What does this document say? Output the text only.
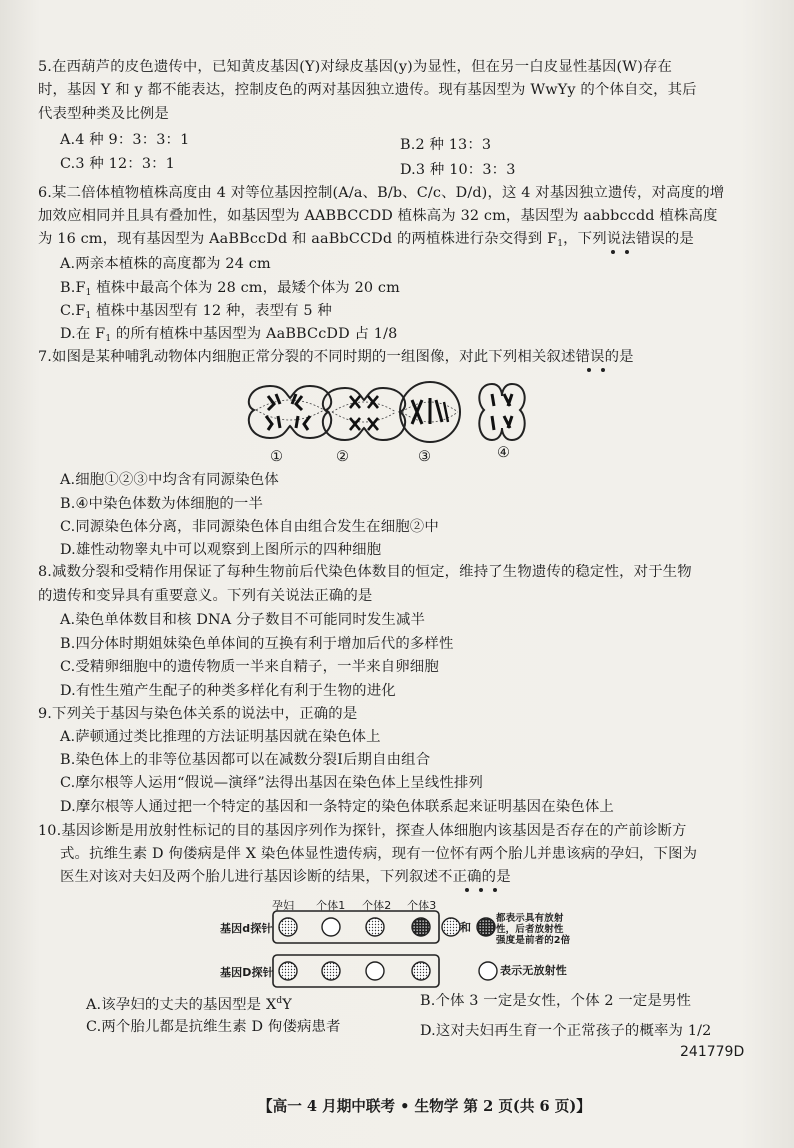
5.在西葫芦的皮色遗传中，已知黄皮基因(Y)对绿皮基因(y)为显性，但在另一白皮显性基因(W)存在
时，基因 Y 和 y 都不能表达，控制皮色的两对基因独立遗传。现有基因型为 WwYy 的个体自交，其后
代表型种类及比例是
A.4 种 9：3：3：1	B.2 种 13：3
C.3 种 12：3：1	D.3 种 10：3：3
6.某二倍体植物植株高度由 4 对等位基因控制(A/a、B/b、C/c、D/d)，这 4 对基因独立遗传，对高度的增
加效应相同并且具有叠加性，如基因型为 AABBCCDD 植株高为 32 cm，基因型为 aabbccdd 植株高度
为 16 cm，现有基因型为 AaBBccDd 和 aaBbCCDd 的两植株进行杂交得到 $F_1$，下列说法错误的是
A.两亲本植株的高度都为 24 cm
$B.F_1$ 植株中最高个体为 28 cm，最矮个体为 20 cm
$C.F_1$ 植株中基因型有 12 种，表型有 5 种
D.在 $F_1$ 的所有植株中基因型为 AaBBCcDD 占 1/8
7.如图是某种哺乳动物体内细胞正常分裂的不同时期的一组图像，对此下列相关叙述错误的是
①	②	③	④
A.细胞①②③中均含有同源染色体
B.④中染色体数为体细胞的一半
C.同源染色体分离，非同源染色体自由组合发生在细胞②中
D.雄性动物睾丸中可以观察到上图所示的四种细胞
8.减数分裂和受精作用保证了每种生物前后代染色体数目的恒定，维持了生物遗传的稳定性，对于生物
的遗传和变异具有重要意义。下列有关说法正确的是
A.染色单体数目和核 DNA 分子数目不可能同时发生减半
B.四分体时期姐妹染色单体间的互换有利于增加后代的多样性
C.受精卵细胞中的遗传物质一半来自精子，一半来自卵细胞
D.有性生殖产生配子的种类多样化有利于生物的进化
9.下列关于基因与染色体关系的说法中，正确的是
A.萨顿通过类比推理的方法证明基因就在染色体上
B.染色体上的非等位基因都可以在减数分裂Ⅰ后期自由组合
C.摩尔根等人运用“假说—演绎”法得出基因在染色体上呈线性排列
D.摩尔根等人通过把一个特定的基因和一条特定的染色体联系起来证明基因在染色体上
10.基因诊断是用放射性标记的目的基因序列作为探针，探查人体细胞内该基因是否存在的产前诊断方
式。抗维生素 D 佝偻病是伴 X 染色体显性遗传病，现有一位怀有两个胎儿并患该病的孕妇，下图为
医生对该对夫妇及两个胎儿进行基因诊断的结果，下列叙述不正确的是
孕妇 个体1 个体2 个体3
基因d探针
基因D探针
和
都表示具有放射
性，后者放射性
强度是前者的2倍
表示无放射性
A.该孕妇的丈夫的基因型是 $X^dY$	B.个体 3 一定是女性，个体 2 一定是男性
C.两个胎儿都是抗维生素 D 佝偻病患者	D.这对夫妇再生育一个正常孩子的概率为 1/2
241779D
【高一 4 月期中联考 • 生物学 第 2 页(共 6 页)】
